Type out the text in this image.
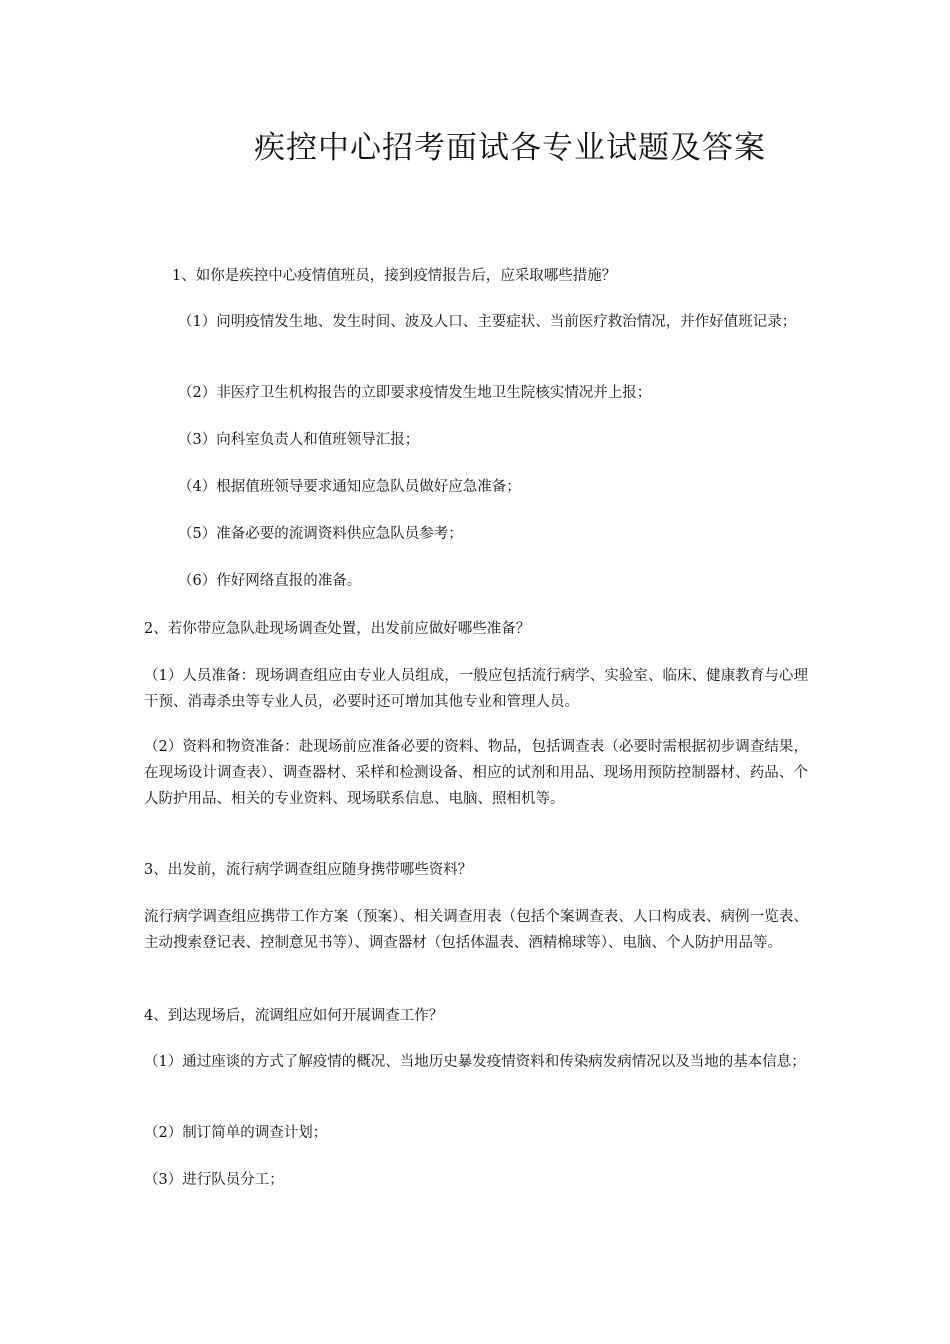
疾控中心招考面试各专业试题及答案
1、如你是疾控中心疫情值班员，接到疫情报告后，应采取哪些措施？
（1）问明疫情发生地、发生时间、波及人口、主要症状、当前医疗救治情况，并作好值班记录；
（2）非医疗卫生机构报告的立即要求疫情发生地卫生院核实情况并上报；
（3）向科室负责人和值班领导汇报；
（4）根据值班领导要求通知应急队员做好应急准备；
（5）准备必要的流调资料供应急队员参考；
（6）作好网络直报的准备。
2、若你带应急队赴现场调查处置，出发前应做好哪些准备？
（1）人员准备：现场调查组应由专业人员组成，一般应包括流行病学、实验室、临床、健康教育与心理干预、消毒杀虫等专业人员，必要时还可增加其他专业和管理人员。
（2）资料和物资准备：赴现场前应准备必要的资料、物品，包括调查表（必要时需根据初步调查结果，在现场设计调查表）、调查器材、采样和检测设备、相应的试剂和用品、现场用预防控制器材、药品、个人防护用品、相关的专业资料、现场联系信息、电脑、照相机等。
3、出发前，流行病学调查组应随身携带哪些资料？
流行病学调查组应携带工作方案（预案）、相关调查用表（包括个案调查表、人口构成表、病例一览表、主动搜索登记表、控制意见书等）、调查器材（包括体温表、酒精棉球等）、电脑、个人防护用品等。
4、到达现场后，流调组应如何开展调查工作？
（1）通过座谈的方式了解疫情的概况、当地历史暴发疫情资料和传染病发病情况以及当地的基本信息；
（2）制订简单的调查计划；
（3）进行队员分工；
